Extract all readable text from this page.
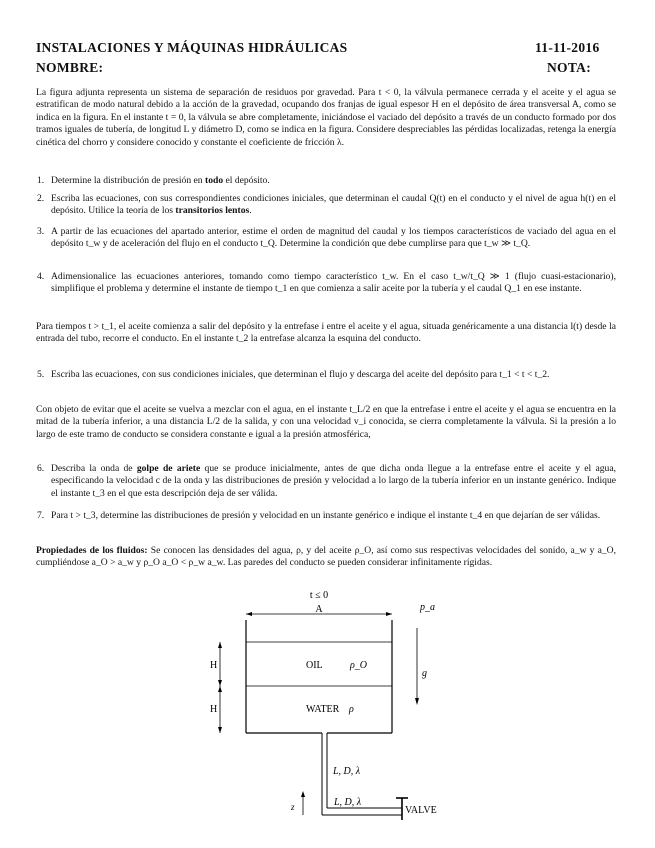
INSTALACIONES Y MÁQUINAS HIDRÁULICAS	11-11-2016
NOMBRE:	NOTA:

La figura adjunta representa un sistema de separación de residuos por gravedad. Para t < 0, la válvula permanece cerrada y el aceite y el agua se estratifican de modo natural debido a la acción de la gravedad, ocupando dos franjas de igual espesor H en el depósito de área transversal A, como se indica en la figura. En el instante t = 0, la válvula se abre completamente, iniciándose el vaciado del depósito a través de un conducto formado por dos tramos iguales de tubería, de longitud L y diámetro D, como se indica en la figura. Considere despreciables las pérdidas localizadas, retenga la energía cinética del chorro y considere conocido y constante el coeficiente de fricción λ.

1. Determine la distribución de presión en todo el depósito.

2. Escriba las ecuaciones, con sus correspondientes condiciones iniciales, que determinan el caudal Q(t) en el conducto y el nivel de agua h(t) en el depósito. Utilice la teoría de los transitorios lentos.

3. A partir de las ecuaciones del apartado anterior, estime el orden de magnitud del caudal y los tiempos característicos de vaciado del agua en el depósito t_w y de aceleración del flujo en el conducto t_Q. Determine la condición que debe cumplirse para que t_w ≫ t_Q.

4. Adimensionalice las ecuaciones anteriores, tomando como tiempo característico t_w. En el caso t_w/t_Q ≫ 1 (flujo cuasi-estacionario), simplifique el problema y determine el instante de tiempo t_1 en que comienza a salir aceite por la tubería y el caudal Q_1 en ese instante.

Para tiempos t > t_1, el aceite comienza a salir del depósito y la entrefase i entre el aceite y el agua, situada genéricamente a una distancia l(t) desde la entrada del tubo, recorre el conducto. En el instante t_2 la entrefase alcanza la esquina del conducto.

5. Escriba las ecuaciones, con sus condiciones iniciales, que determinan el flujo y descarga del aceite del depósito para t_1 < t < t_2.

Con objeto de evitar que el aceite se vuelva a mezclar con el agua, en el instante t_L/2 en que la entrefase i entre el aceite y el agua se encuentra en la mitad de la tubería inferior, a una distancia L/2 de la salida, y con una velocidad v_i conocida, se cierra completamente la válvula. Si la presión a lo largo de este tramo de conducto se considera constante e igual a la presión atmosférica,

6. Describa la onda de golpe de ariete que se produce inicialmente, antes de que dicha onda llegue a la entrefase entre el aceite y el agua, especificando la velocidad c de la onda y las distribuciones de presión y velocidad a lo largo de la tubería inferior en un instante genérico. Indique el instante t_3 en el que esta descripción deja de ser válida.

7. Para t > t_3, determine las distribuciones de presión y velocidad en un instante genérico e indique el instante t_4 en que dejarían de ser válidas.

Propiedades de los fluidos: Se conocen las densidades del agua, ρ, y del aceite ρ_O, así como sus respectivas velocidades del sonido, a_w y a_O, cumpliéndose a_O > a_w y ρ_O a_O < ρ_w a_w. Las paredes del conducto se pueden considerar infinitamente rígidas.

t ≤ 0
A	p_a
OIL	ρ_O
WATER ρ
H
H
g
L, D, λ
L, D, λ
z	VALVE
